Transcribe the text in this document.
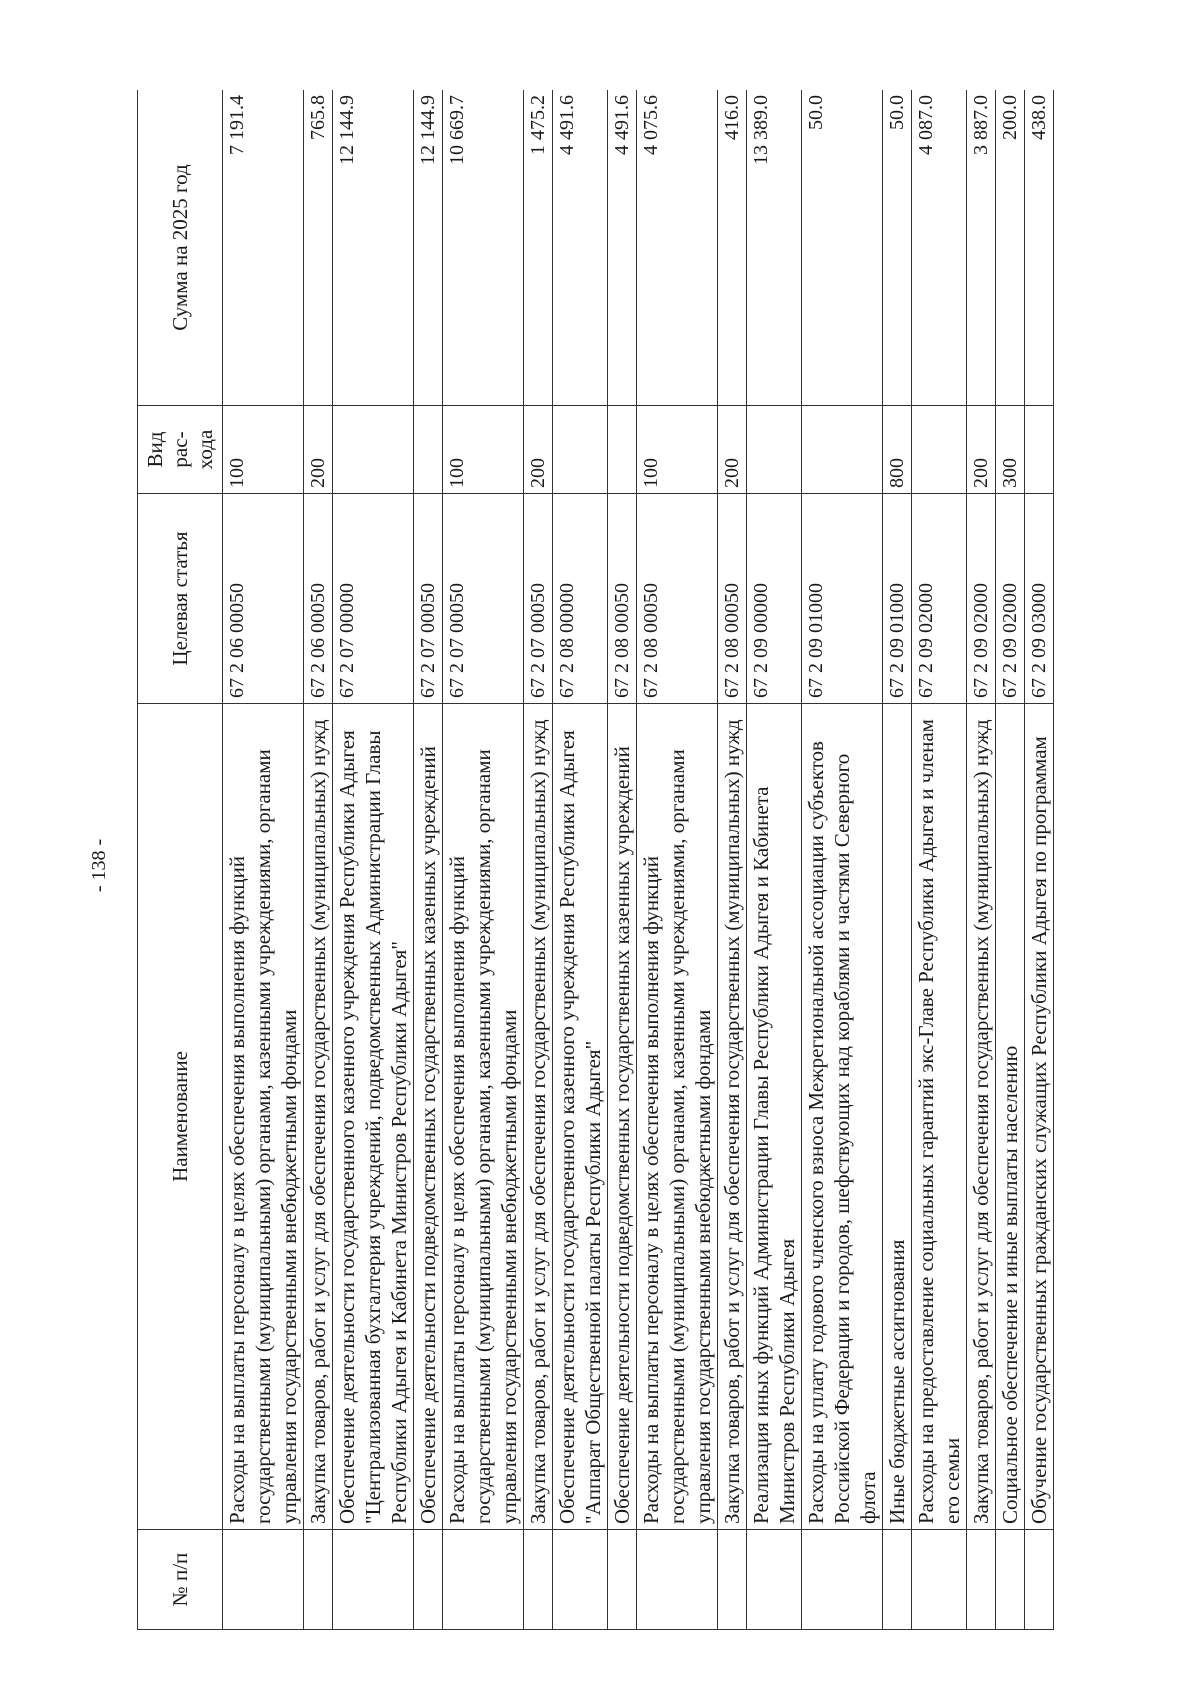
- 138 -
№ п/п	Наименование	Целевая статья	Вид рас- хода	Сумма на 2025 год
	Расходы на выплаты персоналу в целях обеспечения выполнения функций государственными (муниципальными) органами, казенными учреждениями, органами управления государственными внебюджетными фондами	67 2 06 00050	100	7 191.4
	Закупка товаров, работ и услуг для обеспечения государственных (муниципальных) нужд	67 2 06 00050	200	765.8
	Обеспечение деятельности государственного казенного учреждения Республики Адыгея "Централизованная бухгалтерия учреждений, подведомственных Администрации Главы Республики Адыгея и Кабинета Министров Республики Адыгея"	67 2 07 00000		12 144.9
	Обеспечение деятельности подведомственных государственных казенных учреждений	67 2 07 00050		12 144.9
	Расходы на выплаты персоналу в целях обеспечения выполнения функций государственными (муниципальными) органами, казенными учреждениями, органами управления государственными внебюджетными фондами	67 2 07 00050	100	10 669.7
	Закупка товаров, работ и услуг для обеспечения государственных (муниципальных) нужд	67 2 07 00050	200	1 475.2
	Обеспечение деятельности государственного казенного учреждения Республики Адыгея "Аппарат Общественной палаты Республики Адыгея"	67 2 08 00000		4 491.6
	Обеспечение деятельности подведомственных государственных казенных учреждений	67 2 08 00050		4 491.6
	Расходы на выплаты персоналу в целях обеспечения выполнения функций государственными (муниципальными) органами, казенными учреждениями, органами управления государственными внебюджетными фондами	67 2 08 00050	100	4 075.6
	Закупка товаров, работ и услуг для обеспечения государственных (муниципальных) нужд	67 2 08 00050	200	416.0
	Реализация иных функций Администрации Главы Республики Адыгея и Кабинета Министров Республики Адыгея	67 2 09 00000		13 389.0
	Расходы на уплату годового членского взноса Межрегиональной ассоциации субъектов Российской Федерации и городов, шефствующих над кораблями и частями Северного флота	67 2 09 01000		50.0
	Иные бюджетные ассигнования	67 2 09 01000	800	50.0
	Расходы на предоставление социальных гарантий экс-Главе Республики Адыгея и членам его семьи	67 2 09 02000		4 087.0
	Закупка товаров, работ и услуг для обеспечения государственных (муниципальных) нужд	67 2 09 02000	200	3 887.0
	Социальное обеспечение и иные выплаты населению	67 2 09 02000	300	200.0
	Обучение государственных гражданских служащих Республики Адыгея по программам	67 2 09 03000		438.0
